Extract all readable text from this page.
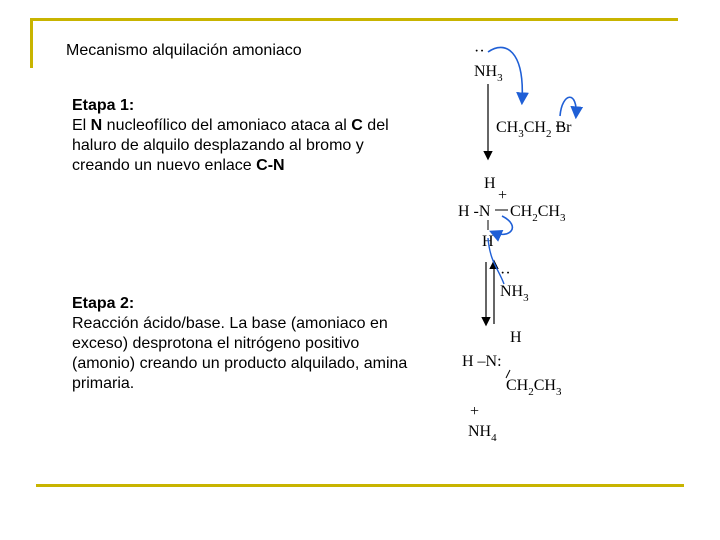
Mecanismo alquilación amoniaco
Etapa 1:
El N nucleofílico del amoniaco ataca al C del haluro de alquilo desplazando al bromo y creando un nuevo enlace C-N
Etapa 2:
Reacción ácido/base. La base (amoniaco en exceso) desprotona el nitrógeno positivo (amonio) creando un producto alquilado, amina primaria.
··
$NH_3$
$CH_3CH_2$ Br
H
+
H -N $CH_2CH_3$
H
··
$NH_3$
H
H –N:
$CH_2CH_3$
+
$NH_4$
